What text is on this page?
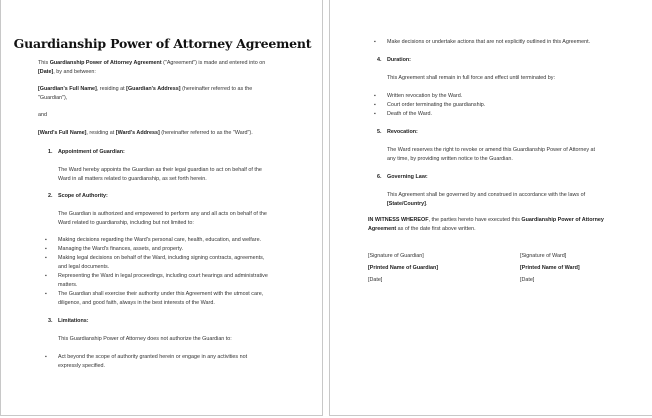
Guardianship Power of Attorney Agreement
This Guardianship Power of Attorney Agreement ("Agreement") is made and entered into on
[Date], by and between:
[Guardian's Full Name], residing at [Guardian's Address] (hereinafter referred to as the
"Guardian"),
and
[Ward's Full Name], residing at [Ward's Address] (hereinafter referred to as the "Ward").
1. Appointment of Guardian:
The Ward hereby appoints the Guardian as their legal guardian to act on behalf of the
Ward in all matters related to guardianship, as set forth herein.
2. Scope of Authority:
The Guardian is authorized and empowered to perform any and all acts on behalf of the
Ward related to guardianship, including but not limited to:
▪ Making decisions regarding the Ward's personal care, health, education, and welfare.
▪ Managing the Ward's finances, assets, and property.
▪ Making legal decisions on behalf of the Ward, including signing contracts, agreements,
and legal documents.
▪ Representing the Ward in legal proceedings, including court hearings and administrative
matters.
▪ The Guardian shall exercise their authority under this Agreement with the utmost care,
diligence, and good faith, always in the best interests of the Ward.
3. Limitations:
This Guardianship Power of Attorney does not authorize the Guardian to:
▪ Act beyond the scope of authority granted herein or engage in any activities not
expressly specified.
▪ Make decisions or undertake actions that are not explicitly outlined in this Agreement.
4. Duration:
This Agreement shall remain in full force and effect until terminated by:
▪ Written revocation by the Ward.
▪ Court order terminating the guardianship.
▪ Death of the Ward.
5. Revocation:
The Ward reserves the right to revoke or amend this Guardianship Power of Attorney at
any time, by providing written notice to the Guardian.
6. Governing Law:
This Agreement shall be governed by and construed in accordance with the laws of
[State/Country].
IN WITNESS WHEREOF, the parties hereto have executed this Guardianship Power of Attorney
Agreement as of the date first above written.
[Signature of Guardian]
[Printed Name of Guardian]
[Date]
[Signature of Ward]
[Printed Name of Ward]
[Date]
